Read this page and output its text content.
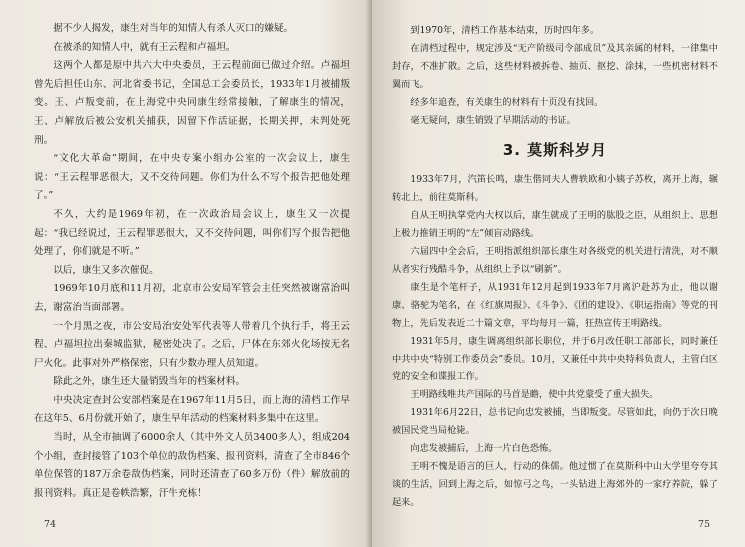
据不少人揭发，康生对当年的知情人有杀人灭口的嫌疑。

在被杀的知情人中，就有王云程和卢福坦。

这两个人都是原中共六大中央委员，王云程前面已做过介绍。卢福坦曾先后担任山东、河北省委书记，全国总工会委员长，1933年1月被捕叛变。王、卢叛变前，在上海党中央同康生经常接触，了解康生的情况，王、卢解放后被公安机关捕获，因留下作活证据，长期关押，未判处死刑。

“文化大革命”期间，在中央专案小组办公室的一次会议上，康生说：“王云程罪恶很大，又不交待问题。你们为什么不写个报告把他处理了。”

不久，大约是1969年初，在一次政治局会议上，康生又一次提起：“我已经说过，王云程罪恶很大，又不交待问题，叫你们写个报告把他处理了，你们就是不听。”

以后，康生又多次催促。

1969年10月底和11月初，北京市公安局军管会主任突然被谢富治叫去，谢富治当面部署。

一个月黑之夜，市公安局治安处军代表等人带着几个执行手，将王云程、卢福坦拉出秦城监狱，秘密处决了。之后，尸体在东郊火化场按无名尸火化。此事对外严格保密，只有少数办理人员知道。

除此之外，康生还大量销毁当年的档案材料。

中央决定查封公安部档案是在1967年11月5日，而上海的清档工作早在这年5、6月份就开始了，康生早年活动的档案材料多集中在这里。

当时，从全市抽调了6000余人（其中外文人员3400多人），组成204个小组，查封接管了103个单位的敌伪档案、报刊资料，清查了全市846个单位保管的187万余卷敌伪档案，同时还清查了60多万份（件）解放前的报刊资料。真正是卷帙浩繁，汗牛充栋！

74

到1970年，清档工作基本结束，历时四年多。

在清档过程中，规定涉及“无产阶级司令部成员”及其亲属的材料，一律集中封存，不准扩散。之后，这些材料被拆卷、抽页、抠挖、涂抹，一些机密材料不翼而飞。

经多年追查，有关康生的材料有十页没有找回。

毫无疑问，康生销毁了早期活动的书证。

3. 莫斯科岁月

1933年7月，汽笛长鸣，康生偕同夫人曹轶欧和小姨子苏枚，离开上海，辗转北上，前往莫斯科。

自从王明执掌党内大权以后，康生就成了王明的肱股之臣，从组织上、思想上极力推销王明的“左”倾盲动路线。

六届四中全会后，王明指派组织部长康生对各级党的机关进行清洗，对不顺从者实行残酷斗争，从组织上予以“刷新”。

康生是个笔杆子，从1931年12月起到1933年7月离沪赴苏为止，他以谢康、骆驼为笔名，在《红旗周报》、《斗争》、《团的建设》、《职运指南》等党的刊物上，先后发表近二十篇文章，平均每月一篇，狂热宣传王明路线。

1931年5月，康生调离组织部长职位，并于6月改任职工部部长，同时兼任中共中央“特别工作委员会”委员。10月，又兼任中共中央特科负责人，主管白区党的安全和谍报工作。

王明路线唯共产国际的马首是瞻，使中共党蒙受了重大损失。

1931年6月22日，总书记向忠发被捕，当即叛变。尽管如此，向仍于次日晚被国民党当局枪毙。

向忠发被捕后，上海一片白色恐怖。

王明不愧是语言的巨人，行动的侏儒。他过惯了在莫斯科中山大学里夸夸其谈的生活，回到上海之后，如惊弓之鸟，一头钻进上海郊外的一家疗养院，躲了起来。

75
